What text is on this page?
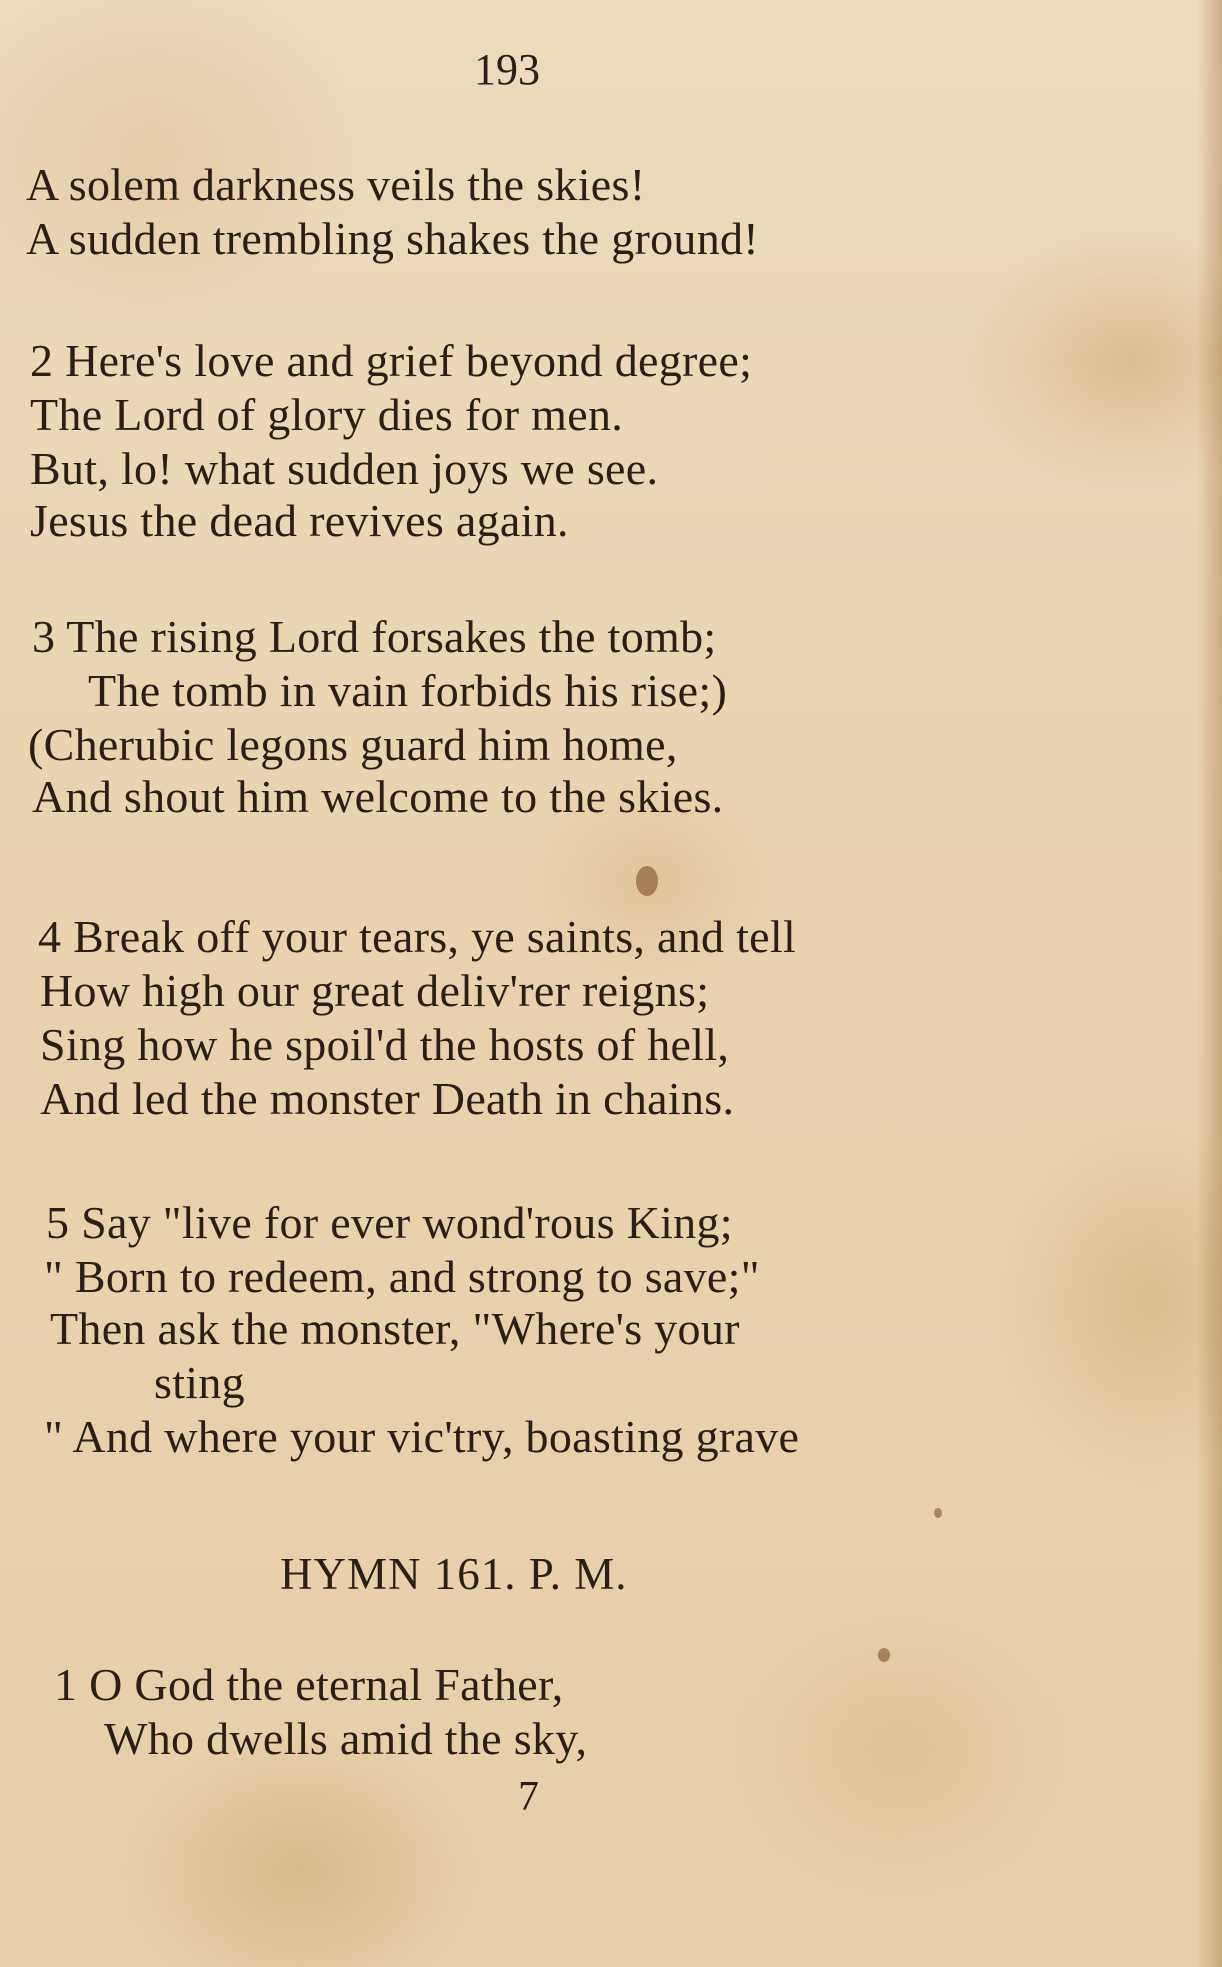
193
A solem darkness veils the skies!
A sudden trembling shakes the ground!
2 Here's love and grief beyond degree;
The Lord of glory dies for men.
But, lo! what sudden joys we see.
Jesus the dead revives again.
3 The rising Lord forsakes the tomb;
The tomb in vain forbids his rise;)
(Cherubic legons guard him home,
And shout him welcome to the skies.
4 Break off your tears, ye saints, and tell
How high our great deliv'rer reigns;
Sing how he spoil'd the hosts of hell,
And led the monster Death in chains.
5 Say "live for ever wond'rous King;
" Born to redeem, and strong to save;"
Then ask the monster, "Where's your
sting
" And where your vic'try, boasting grave
HYMN 161. P. M.
1 O God the eternal Father,
Who dwells amid the sky,
7
